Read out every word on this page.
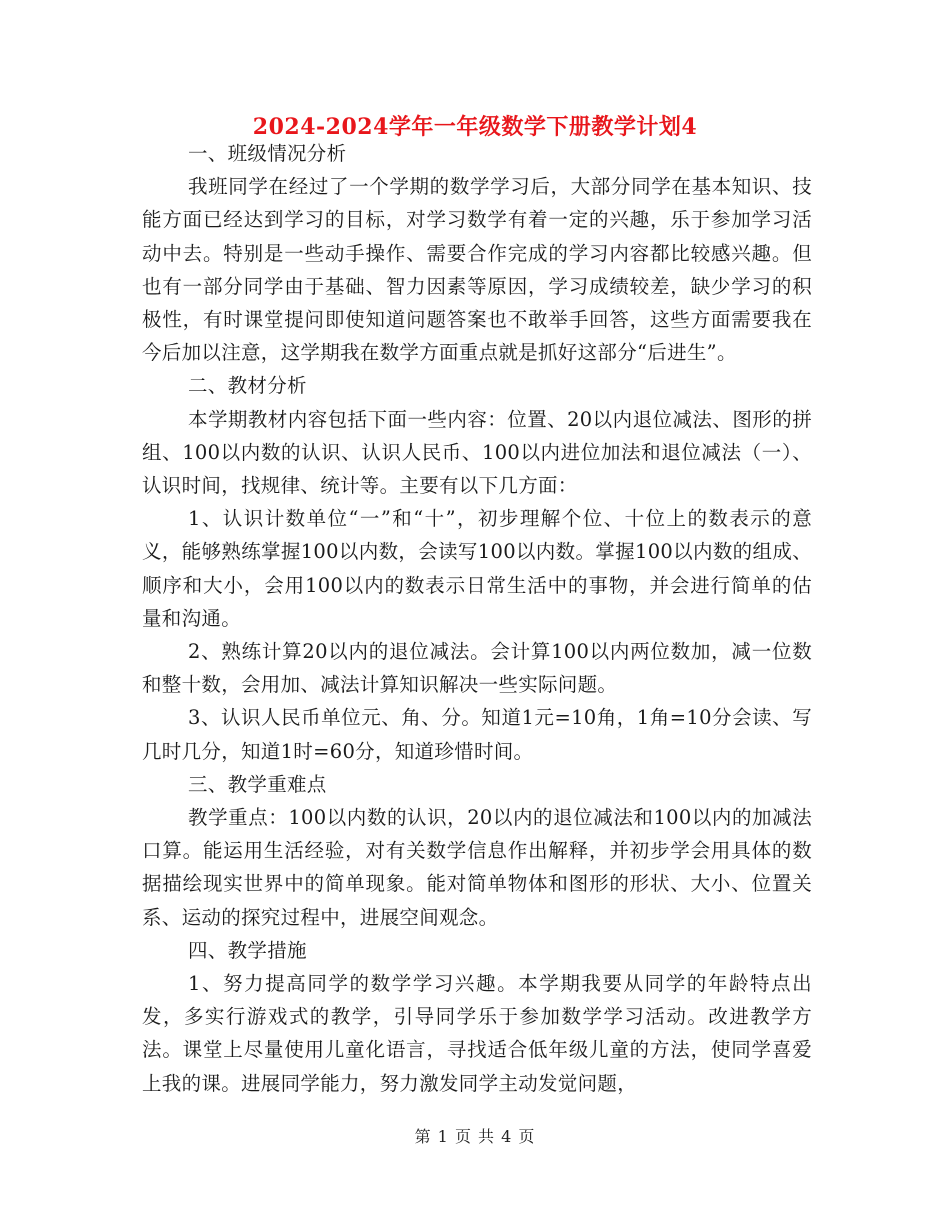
2024-2024学年一年级数学下册教学计划4

一、班级情况分析

我班同学在经过了一个学期的数学学习后，大部分同学在基本知识、技能方面已经达到学习的目标，对学习数学有着一定的兴趣，乐于参加学习活动中去。特别是一些动手操作、需要合作完成的学习内容都比较感兴趣。但也有一部分同学由于基础、智力因素等原因，学习成绩较差，缺少学习的积极性，有时课堂提问即使知道问题答案也不敢举手回答，这些方面需要我在今后加以注意，这学期我在数学方面重点就是抓好这部分“后进生”。

二、教材分析

本学期教材内容包括下面一些内容：位置、20以内退位减法、图形的拼组、100以内数的认识、认识人民币、100以内进位加法和退位减法（一）、认识时间，找规律、统计等。主要有以下几方面：

1、认识计数单位“一”和“十”，初步理解个位、十位上的数表示的意义，能够熟练掌握100以内数，会读写100以内数。掌握100以内数的组成、顺序和大小，会用100以内的数表示日常生活中的事物，并会进行简单的估量和沟通。

2、熟练计算20以内的退位减法。会计算100以内两位数加，减一位数和整十数，会用加、减法计算知识解决一些实际问题。

3、认识人民币单位元、角、分。知道1元=10角，1角=10分会读、写几时几分，知道1时=60分，知道珍惜时间。

三、教学重难点

教学重点：100以内数的认识，20以内的退位减法和100以内的加减法口算。能运用生活经验，对有关数学信息作出解释，并初步学会用具体的数据描绘现实世界中的简单现象。能对简单物体和图形的形状、大小、位置关系、运动的探究过程中，进展空间观念。

四、教学措施

1、努力提高同学的数学学习兴趣。本学期我要从同学的年龄特点出发，多实行游戏式的教学，引导同学乐于参加数学学习活动。改进教学方法。课堂上尽量使用儿童化语言，寻找适合低年级儿童的方法，使同学喜爱上我的课。进展同学能力，努力激发同学主动发觉问题，

第 1 页 共 4 页
